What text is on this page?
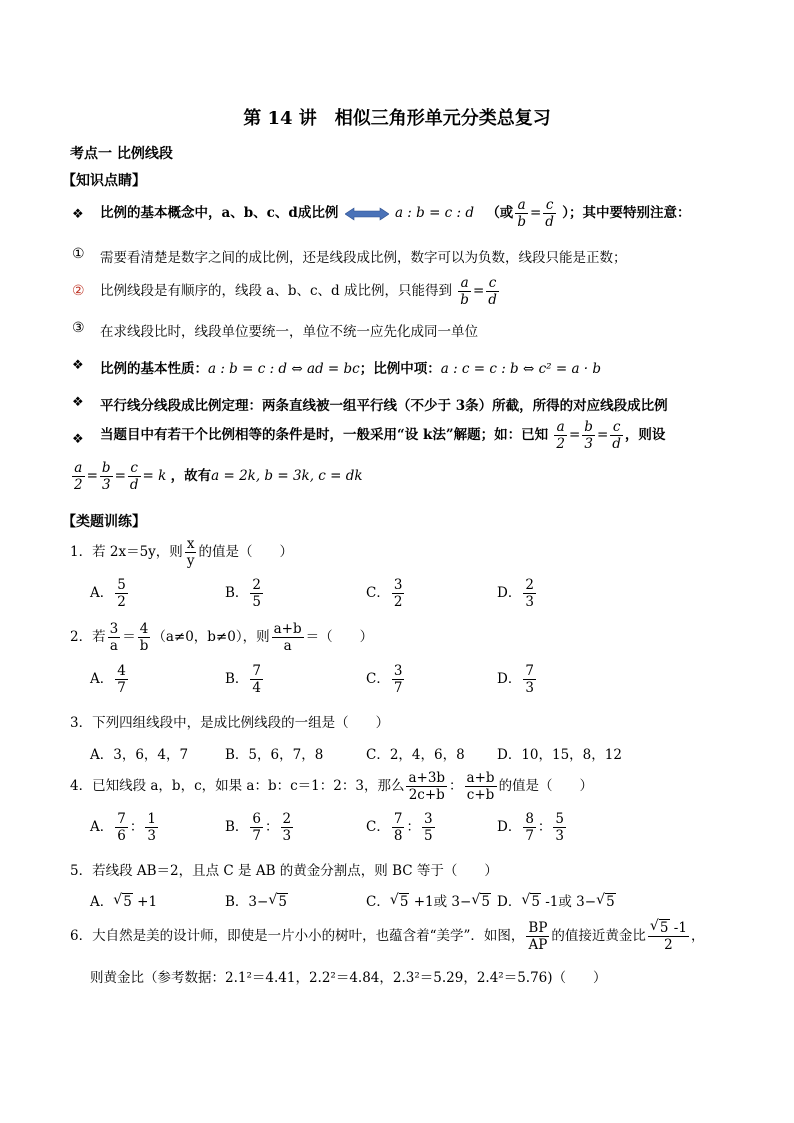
第 14 讲　相似三角形单元分类总复习
考点一 比例线段
【知识点睛】
❖ 比例的基本概念中，a、b、c、d成比例	a : b = c : d （或 $\frac{a}{b} = \frac{c}{d}$ ）；其中要特别注意：
① 需要看清楚是数字之间的成比例，还是线段成比例，数字可以为负数，线段只能是正数；
② 比例线段是有顺序的，线段 a、b、c、d 成比例，只能得到 $\frac{a}{b} = \frac{c}{d}$
③ 在求线段比时，线段单位要统一，单位不统一应先化成同一单位
❖ 比例的基本性质：a : b = c : d ⇔ ad = bc；比例中项：a : c = c : b ⇔ c² = a · b
❖ 平行线分线段成比例定理：两条直线被一组平行线（不少于 3条）所截，所得的对应线段成比例
❖ 当题目中有若干个比例相等的条件是时，一般采用“设 k法”解题；如：已知 $\frac{a}{2} = \frac{b}{3} = \frac{c}{d}$ ，则设
$\frac{a}{2} = \frac{b}{3} = \frac{c}{d} = k$ ，故有a = 2k, b = 3k, c = dk
【类题训练】
1．若 2x＝5y，则 $\frac{x}{y}$ 的值是（　　）
A． $\frac{5}{2}$	B． $\frac{2}{5}$	C． $\frac{3}{2}$	D． $\frac{2}{3}$
2．若 $\frac{3}{a} = \frac{4}{b} (a\ne 0$，b≠0），则 $\frac{a+b}{a}$ ＝（　　）
A． $\frac{4}{7}$	B． $\frac{7}{4}$	C． $\frac{3}{7}$	D． $\frac{7}{3}$
3．下列四组线段中，是成比例线段的一组是（　　）
A．3，6，4，7	B．5，6，7，8	C．2，4，6，8 D．10，15，8，12
4．已知线段 a，b，c，如果 a：b：c＝1：2：3，那么 $\frac{a+3b}{2c+b}$ ： $\frac{a+b}{c+b}$ 的值是（　　）
A． $\frac{7}{6}$ ： $\frac{1}{3}$	B． $\frac{6}{7}$ ： $\frac{2}{3}$	C． $\frac{7}{8}$ ： $\frac{3}{5}$	D． $\frac{8}{7}$ ： $\frac{5}{3}$
5．若线段 AB＝2，且点 C 是 AB 的黄金分割点，则 BC 等于（　　）
A． √ 5 +1	B．3− √ 5	C． √ 5 +1或 3− √ 5 D． √ 5 -1或 3− √ 5
6．大自然是美的设计师，即使是一片小小的树叶，也蕴含着“美学”．如图， $\frac{BP}{AP}$ 的值接近黄金比 $\frac{√ 5 -1}{2}$ ，
则黄金比（参考数据：2.1²＝4.41，2.2²＝4.84，2.3²＝5.29，2.4²＝5.76)（　　）
